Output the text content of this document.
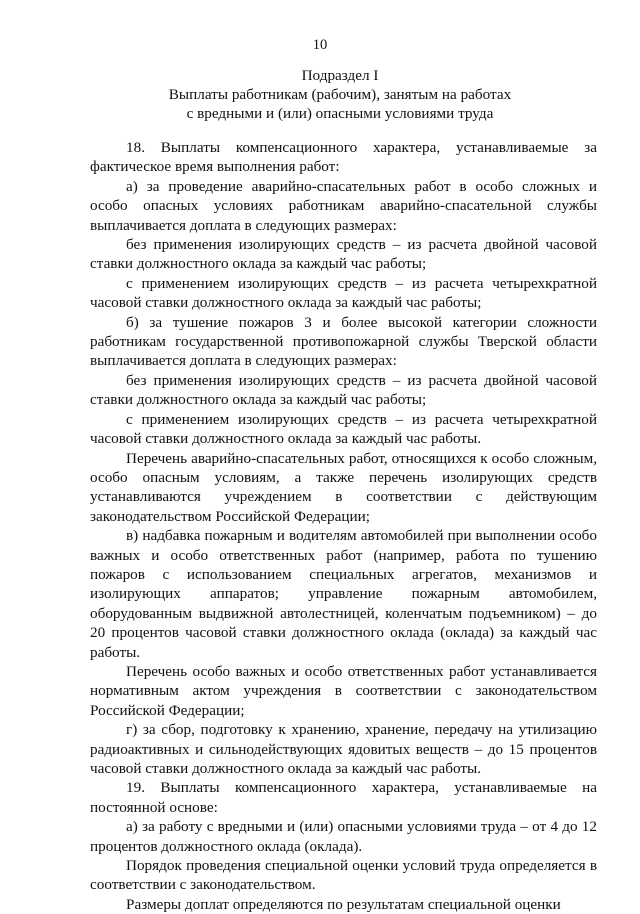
10
Подраздел I
Выплаты работникам (рабочим), занятым на работах
с вредными и (или) опасными условиями труда

18. Выплаты компенсационного характера, устанавливаемые за фактическое время выполнения работ:

а) за проведение аварийно-спасательных работ в особо сложных и особо опасных условиях работникам аварийно-спасательной службы выплачивается доплата в следующих размерах:

без применения изолирующих средств – из расчета двойной часовой ставки должностного оклада за каждый час работы;

с применением изолирующих средств – из расчета четырехкратной часовой ставки должностного оклада за каждый час работы;

б) за тушение пожаров 3 и более высокой категории сложности работникам государственной противопожарной службы Тверской области выплачивается доплата в следующих размерах:

без применения изолирующих средств – из расчета двойной часовой ставки должностного оклада за каждый час работы;

с применением изолирующих средств – из расчета четырехкратной часовой ставки должностного оклада за каждый час работы.

Перечень аварийно-спасательных работ, относящихся к особо сложным, особо опасным условиям, а также перечень изолирующих средств устанавливаются учреждением в соответствии с действующим законодательством Российской Федерации;

в) надбавка пожарным и водителям автомобилей при выполнении особо важных и особо ответственных работ (например, работа по тушению пожаров с использованием специальных агрегатов, механизмов и изолирующих аппаратов; управление пожарным автомобилем, оборудованным выдвижной автолестницей, коленчатым подъемником) – до 20 процентов часовой ставки должностного оклада (оклада) за каждый час работы.

Перечень особо важных и особо ответственных работ устанавливается нормативным актом учреждения в соответствии с законодательством Российской Федерации;

г) за сбор, подготовку к хранению, хранение, передачу на утилизацию радиоактивных и сильнодействующих ядовитых веществ – до 15 процентов часовой ставки должностного оклада за каждый час работы.

19. Выплаты компенсационного характера, устанавливаемые на постоянной основе:

а) за работу с вредными и (или) опасными условиями труда – от 4 до 12 процентов должностного оклада (оклада).

Порядок проведения специальной оценки условий труда определяется в соответствии с законодательством.

Размеры доплат определяются по результатам специальной оценки
